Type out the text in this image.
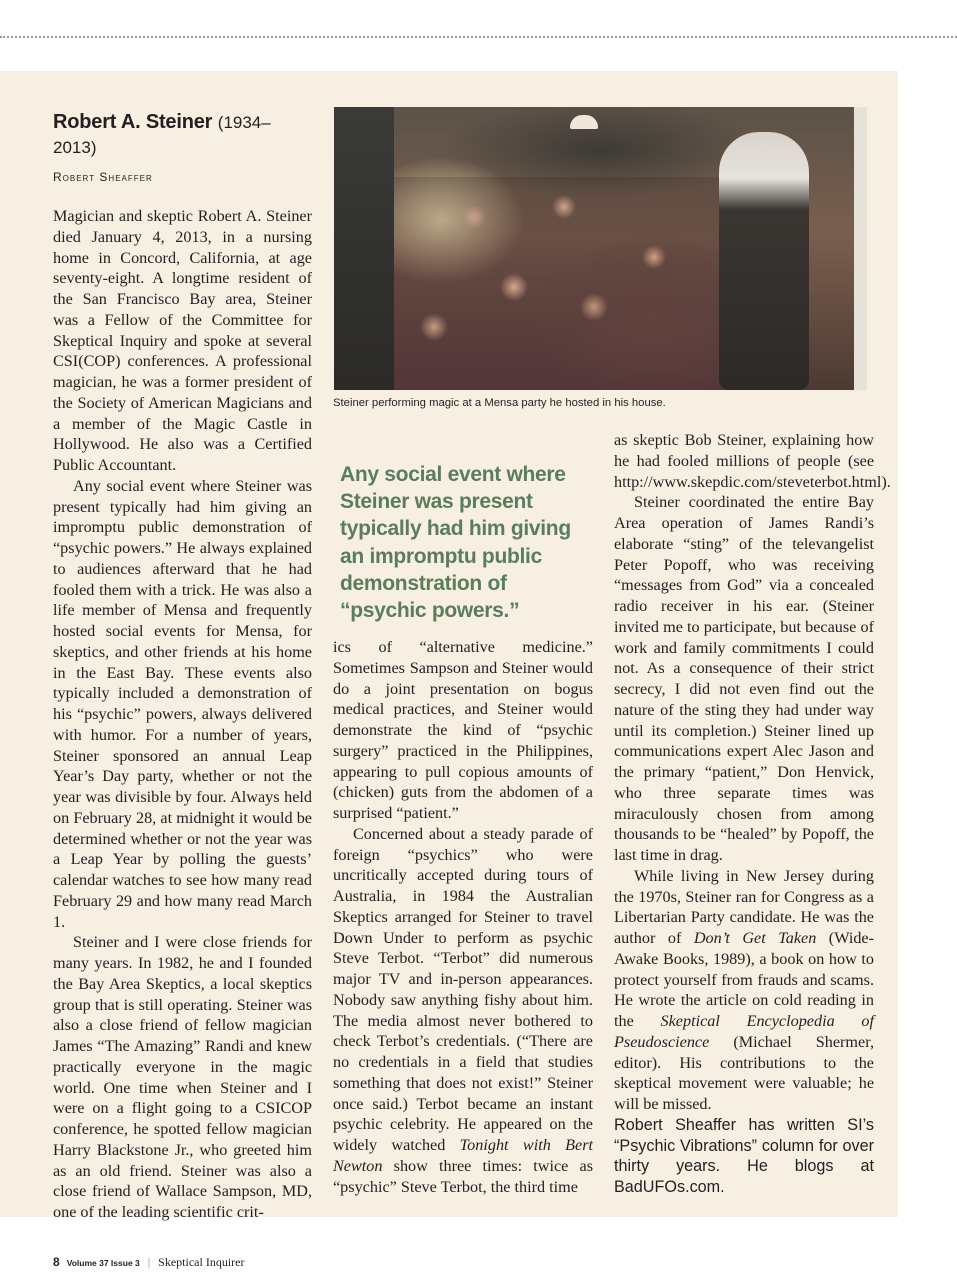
Robert A. Steiner (1934–2013)

Robert Sheaffer

Magician and skeptic Robert A. Steiner died January 4, 2013, in a nursing home in Concord, California, at age seventy-eight. A longtime resident of the San Francisco Bay area, Steiner was a Fellow of the Committee for Skeptical Inquiry and spoke at several CSI(COP) conferences. A professional magician, he was a former president of the Society of American Magicians and a member of the Magic Castle in Hollywood. He also was a Certified Public Accountant.

Any social event where Steiner was present typically had him giving an impromptu public demonstration of “psychic powers.” He always explained to audiences afterward that he had fooled them with a trick. He was also a life member of Mensa and frequently hosted social events for Mensa, for skeptics, and other friends at his home in the East Bay. These events also typically included a demonstration of his “psychic” powers, always delivered with humor. For a number of years, Steiner sponsored an annual Leap Year’s Day party, whether or not the year was divisible by four. Always held on February 28, at midnight it would be determined whether or not the year was a Leap Year by polling the guests’ calendar watches to see how many read February 29 and how many read March 1.

Steiner and I were close friends for many years. In 1982, he and I founded the Bay Area Skeptics, a local skeptics group that is still operating. Steiner was also a close friend of fellow magician James “The Amazing” Randi and knew practically everyone in the magic world. One time when Steiner and I were on a flight going to a CSICOP conference, he spotted fellow magician Harry Blackstone Jr., who greeted him as an old friend. Steiner was also a close friend of Wallace Sampson, MD, one of the leading scientific crit-

Steiner performing magic at a Mensa party he hosted in his house.

Any social event where Steiner was present typically had him giving an impromptu public demonstration of “psychic powers.”

ics of “alternative medicine.” Sometimes Sampson and Steiner would do a joint presentation on bogus medical practices, and Steiner would demonstrate the kind of “psychic surgery” practiced in the Philippines, appearing to pull copious amounts of (chicken) guts from the abdomen of a surprised “patient.”

Concerned about a steady parade of foreign “psychics” who were uncritically accepted during tours of Australia, in 1984 the Australian Skeptics arranged for Steiner to travel Down Under to perform as psychic Steve Terbot. “Terbot” did numerous major TV and in-person appearances. Nobody saw anything fishy about him. The media almost never bothered to check Terbot’s credentials. (“There are no credentials in a field that studies something that does not exist!” Steiner once said.) Terbot became an instant psychic celebrity. He appeared on the widely watched Tonight with Bert Newton show three times: twice as “psychic” Steve Terbot, the third time

as skeptic Bob Steiner, explaining how he had fooled millions of people (see http://www.skepdic.com/steveterbot.html).

Steiner coordinated the entire Bay Area operation of James Randi’s elaborate “sting” of the televangelist Peter Popoff, who was receiving “messages from God” via a concealed radio receiver in his ear. (Steiner invited me to participate, but because of work and family commitments I could not. As a consequence of their strict secrecy, I did not even find out the nature of the sting they had under way until its completion.) Steiner lined up communications expert Alec Jason and the primary “patient,” Don Henvick, who three separate times was miraculously chosen from among thousands to be “healed” by Popoff, the last time in drag.

While living in New Jersey during the 1970s, Steiner ran for Congress as a Libertarian Party candidate. He was the author of Don’t Get Taken (Wide-Awake Books, 1989), a book on how to protect yourself from frauds and scams. He wrote the article on cold reading in the Skeptical Encyclopedia of Pseudoscience (Michael Shermer, editor). His contributions to the skeptical movement were valuable; he will be missed.

Robert Sheaffer has written SI’s “Psychic Vibrations” column for over thirty years. He blogs at BadUFOs.com.

8 Volume 37 Issue 3 | Skeptical Inquirer
